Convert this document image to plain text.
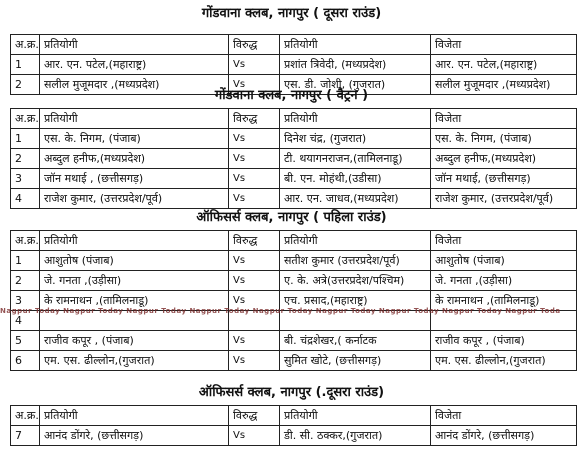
गोंडवाना क्लब, नागपुर ( दूसरा राउंड)
अ.क्र.	प्रतियोगी	विरुद्ध	प्रतियोगी	विजेता
1	आर. एन. पटेल,(महाराष्ट्र)	Vs	प्रशांत त्रिवेदी, (मध्यप्रदेश)	आर. एन. पटेल,(महाराष्ट्र)
2	सलील मुजूमदार ,(मध्यप्रदेश)	Vs	एस. डी. जोशी, (गुजरात)	सलील मुजूमदार ,(मध्यप्रदेश)
गोंडवाना क्लब, नागपुर ( वैट्रन )
अ.क्र.	प्रतियोगी	विरुद्ध	प्रतियोगी	विजेता
1	एस. के. निगम, (पंजाब)	Vs	दिनेश चंद्र, (गुजरात)	एस. के. निगम, (पंजाब)
2	अब्दुल हनीफ,(मध्यप्रदेश)	Vs	टी. थयागनराजन,(तामिलनाडू)	अब्दुल हनीफ,(मध्यप्रदेश)
3	जॉन मथाई , (छत्तीसगड़)	Vs	बी. एन. मोहंथी,(उडीसा)	जॉन मथाई, (छत्तीसगड़)
4	राजेश कुमार, (उत्तरप्रदेश/पूर्व)	Vs	आर. एन. जाधव,(मध्यप्रदेश)	राजेश कुमार, (उत्तरप्रदेश/पूर्व)
ऑफिसर्स क्लब, नागपुर ( पहिला राउंड)
अ.क्र.	प्रतियोगी	विरुद्ध	प्रतियोगी	विजेता
1	आशुतोष (पंजाब)	Vs	सतीश कुमार (उत्तरप्रदेश/पूर्व)	आशुतोष (पंजाब)
2	जे. गनता ,(उड़ीसा)	Vs	ए. के. अत्रे(उत्तरप्रदेश/पश्चिम)	जे. गनता ,(उड़ीसा)
3	के रामनाथन ,(तामिलनाडू)	Vs	एच. प्रसाद,(महाराष्ट्र)	के रामनाथन ,(तामिलनाडू)
4				
5	राजीव कपूर , (पंजाब)	Vs	बी. चंद्रशेखर,( कर्नाटक	राजीव कपूर , (पंजाब)
6	एम. एस. ढील्लोन,(गुजरात)	Vs	सुमित खोटे, (छत्तीसगड़)	एम. एस. ढील्लोन,(गुजरात)
Nagpur Today Nagpur Today Nagpur Today Nagpur Today Nagpur Today Nagpur Today Nagpur Today Nagpur Today Nagpur Toda
ऑफिसर्स क्लब, नागपुर (.दूसरा राउंड)
अ.क्र.	प्रतियोगी	विरुद्ध	प्रतियोगी	विजेता
7	आनंद डोंगरे, (छत्तीसगड़)	Vs	डी. सी. ठक्कर,(गुजरात)	आनंद डोंगरे, (छत्तीसगड़)
